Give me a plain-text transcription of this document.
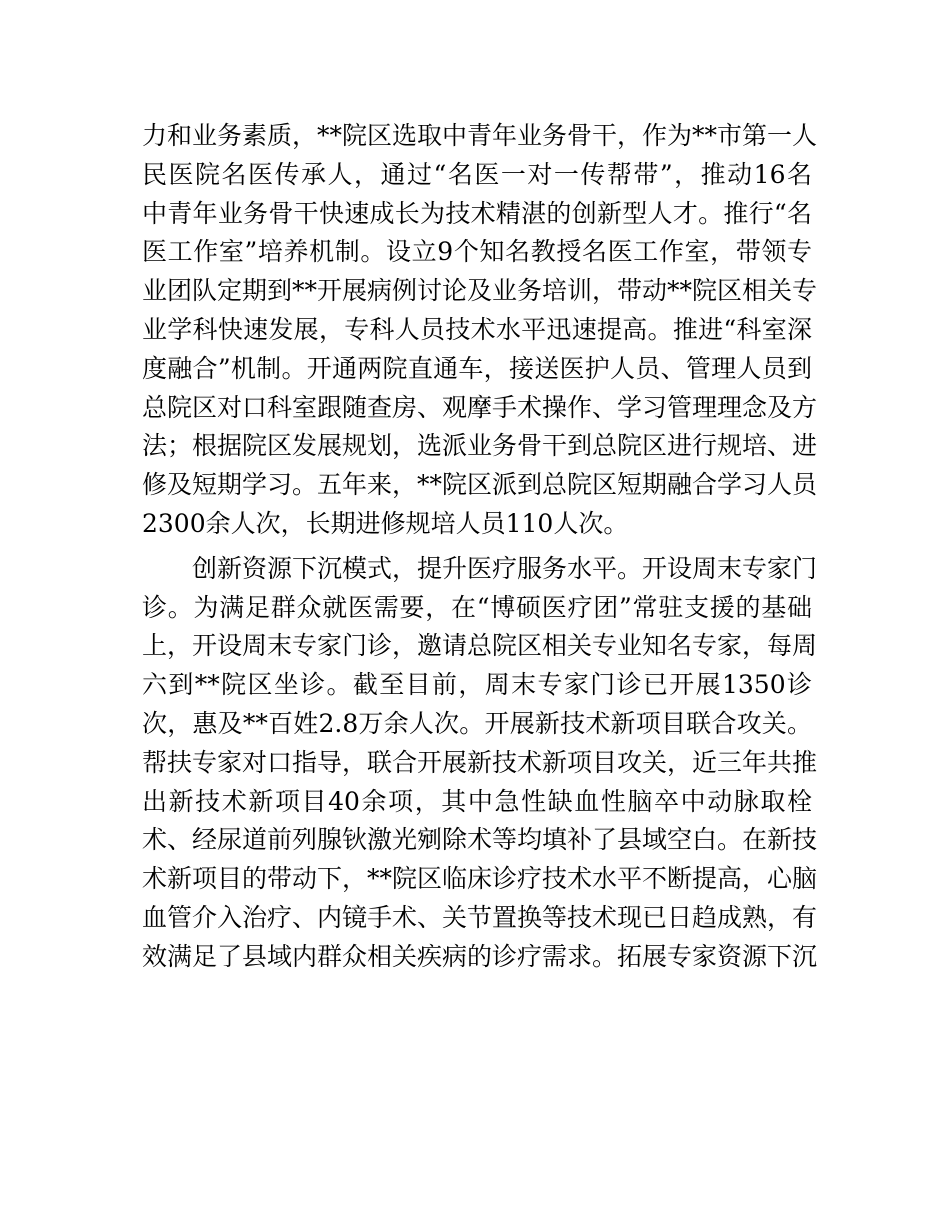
力和业务素质，**院区选取中青年业务骨干，作为**市第一人
民医院名医传承人，通过“名医一对一传帮带”，推动16名
中青年业务骨干快速成长为技术精湛的创新型人才。推行“名
医工作室”培养机制。设立9个知名教授名医工作室，带领专
业团队定期到**开展病例讨论及业务培训，带动**院区相关专
业学科快速发展，专科人员技术水平迅速提高。推进“科室深
度融合”机制。开通两院直通车，接送医护人员、管理人员到
总院区对口科室跟随查房、观摩手术操作、学习管理理念及方
法；根据院区发展规划，选派业务骨干到总院区进行规培、进
修及短期学习。五年来，**院区派到总院区短期融合学习人员
2300余人次，长期进修规培人员110人次。
　　创新资源下沉模式，提升医疗服务水平。开设周末专家门
诊。为满足群众就医需要，在“博硕医疗团”常驻支援的基础
上，开设周末专家门诊，邀请总院区相关专业知名专家，每周
六到**院区坐诊。截至目前，周末专家门诊已开展1350诊
次，惠及**百姓2.8万余人次。开展新技术新项目联合攻关。
帮扶专家对口指导，联合开展新技术新项目攻关，近三年共推
出新技术新项目40余项，其中急性缺血性脑卒中动脉取栓
术、经尿道前列腺钬激光剜除术等均填补了县域空白。在新技
术新项目的带动下，**院区临床诊疗技术水平不断提高，心脑
血管介入治疗、内镜手术、关节置换等技术现已日趋成熟，有
效满足了县域内群众相关疾病的诊疗需求。拓展专家资源下沉
